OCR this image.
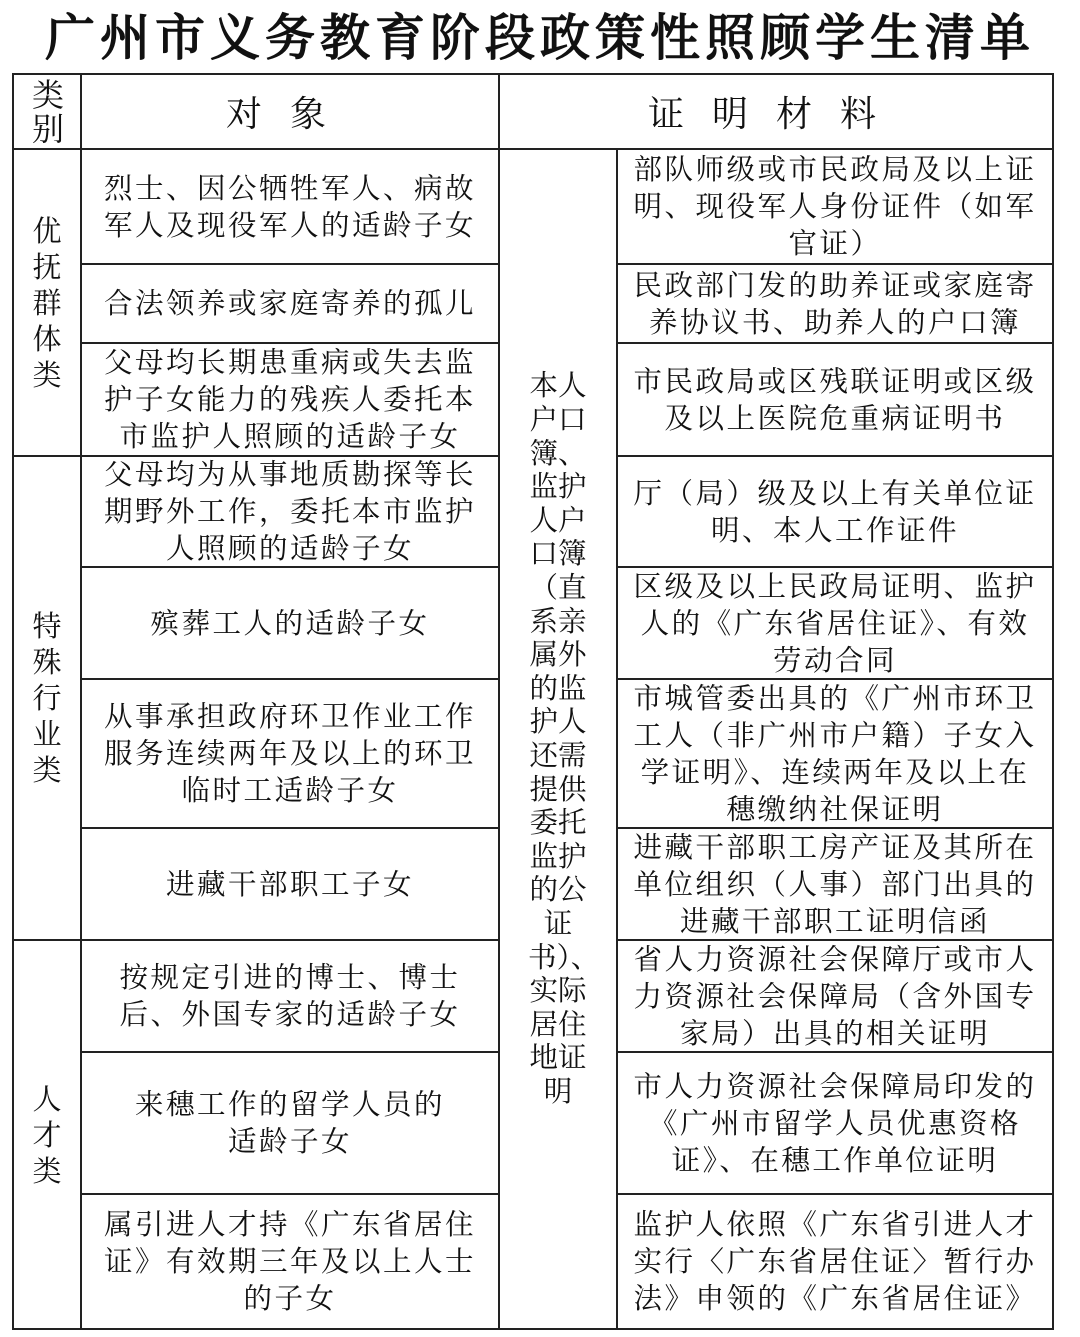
广州市义务教育阶段政策性照顾学生清单
类别	对象	证明材料
优抚群体类
特殊行业类
人才类
本人户口簿、监护人户口簿（直系亲属外的监护人还需提供委托监护的公证书）、实际居住地证明
烈士、因公牺牲军人、病故军人及现役军人的适龄子女
合法领养或家庭寄养的孤儿
父母均长期患重病或失去监护子女能力的残疾人委托本市监护人照顾的适龄子女
父母均为从事地质勘探等长期野外工作，委托本市监护人照顾的适龄子女
殡葬工人的适龄子女
从事承担政府环卫作业工作服务连续两年及以上的环卫临时工适龄子女
进藏干部职工子女
按规定引进的博士、博士后、外国专家的适龄子女
来穗工作的留学人员的适龄子女
属引进人才持《广东省居住证》有效期三年及以上人士的子女
部队师级或市民政局及以上证明、现役军人身份证件（如军官证）
民政部门发的助养证或家庭寄养协议书、助养人的户口簿
市民政局或区残联证明或区级及以上医院危重病证明书
厅（局）级及以上有关单位证明、本人工作证件
区级及以上民政局证明、监护人的《广东省居住证》、有效劳动合同
市城管委出具的《广州市环卫工人（非广州市户籍）子女入学证明》、连续两年及以上在穗缴纳社保证明
进藏干部职工房产证及其所在单位组织（人事）部门出具的进藏干部职工证明信函
省人力资源社会保障厅或市人力资源社会保障局（含外国专家局）出具的相关证明
市人力资源社会保障局印发的《广州市留学人员优惠资格证》、在穗工作单位证明
监护人依照《广东省引进人才实行〈广东省居住证〉暂行办法》申领的《广东省居住证》
